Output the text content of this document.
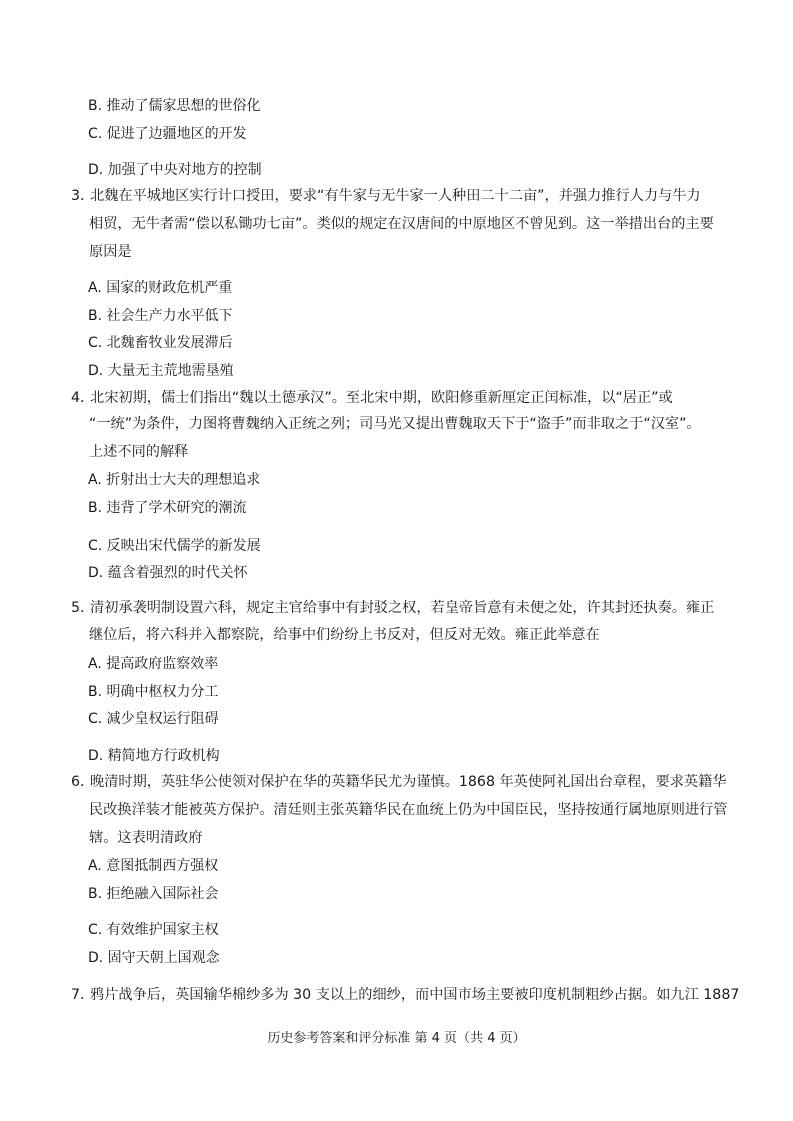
B. 推动了儒家思想的世俗化
C. 促进了边疆地区的开发
D. 加强了中央对地方的控制
3．
北魏在平城地区实行计口授田，要求“有牛家与无牛家一人种田二十二亩”，并强力推行人力与牛力
相贸，无牛者需“偿以私锄功七亩”。类似的规定在汉唐间的中原地区不曾见到。这一举措出台的主要
原因是
A. 国家的财政危机严重
B. 社会生产力水平低下
C. 北魏畜牧业发展滞后
D. 大量无主荒地需垦殖
4．
北宋初期，儒士们指出“魏以土德承汉”。至北宋中期，欧阳修重新厘定正闰标准，以“居正”或
“一统”为条件，力图将曹魏纳入正统之列；司马光又提出曹魏取天下于“盗手”而非取之于“汉室”。
上述不同的解释
A. 折射出士大夫的理想追求
B. 违背了学术研究的潮流
C. 反映出宋代儒学的新发展
D. 蕴含着强烈的时代关怀
5．
清初承袭明制设置六科，规定主官给事中有封驳之权，若皇帝旨意有未便之处，许其封还执奏。雍正
继位后，将六科并入都察院，给事中们纷纷上书反对，但反对无效。雍正此举意在
A. 提高政府监察效率
B. 明确中枢权力分工
C. 减少皇权运行阻碍
D. 精简地方行政机构
6．
晚清时期，英驻华公使领对保护在华的英籍华民尤为谨慎。1868 年英使阿礼国出台章程，要求英籍华
民改换洋装才能被英方保护。清廷则主张英籍华民在血统上仍为中国臣民，坚持按通行属地原则进行管
辖。这表明清政府
A. 意图抵制西方强权
B. 拒绝融入国际社会
C. 有效维护国家主权
D. 固守天朝上国观念
7．
鸦片战争后，英国输华棉纱多为 30 支以上的细纱，而中国市场主要被印度机制粗纱占据。如九江 1887
历史参考答案和评分标准 第 4 页（共 4 页）
